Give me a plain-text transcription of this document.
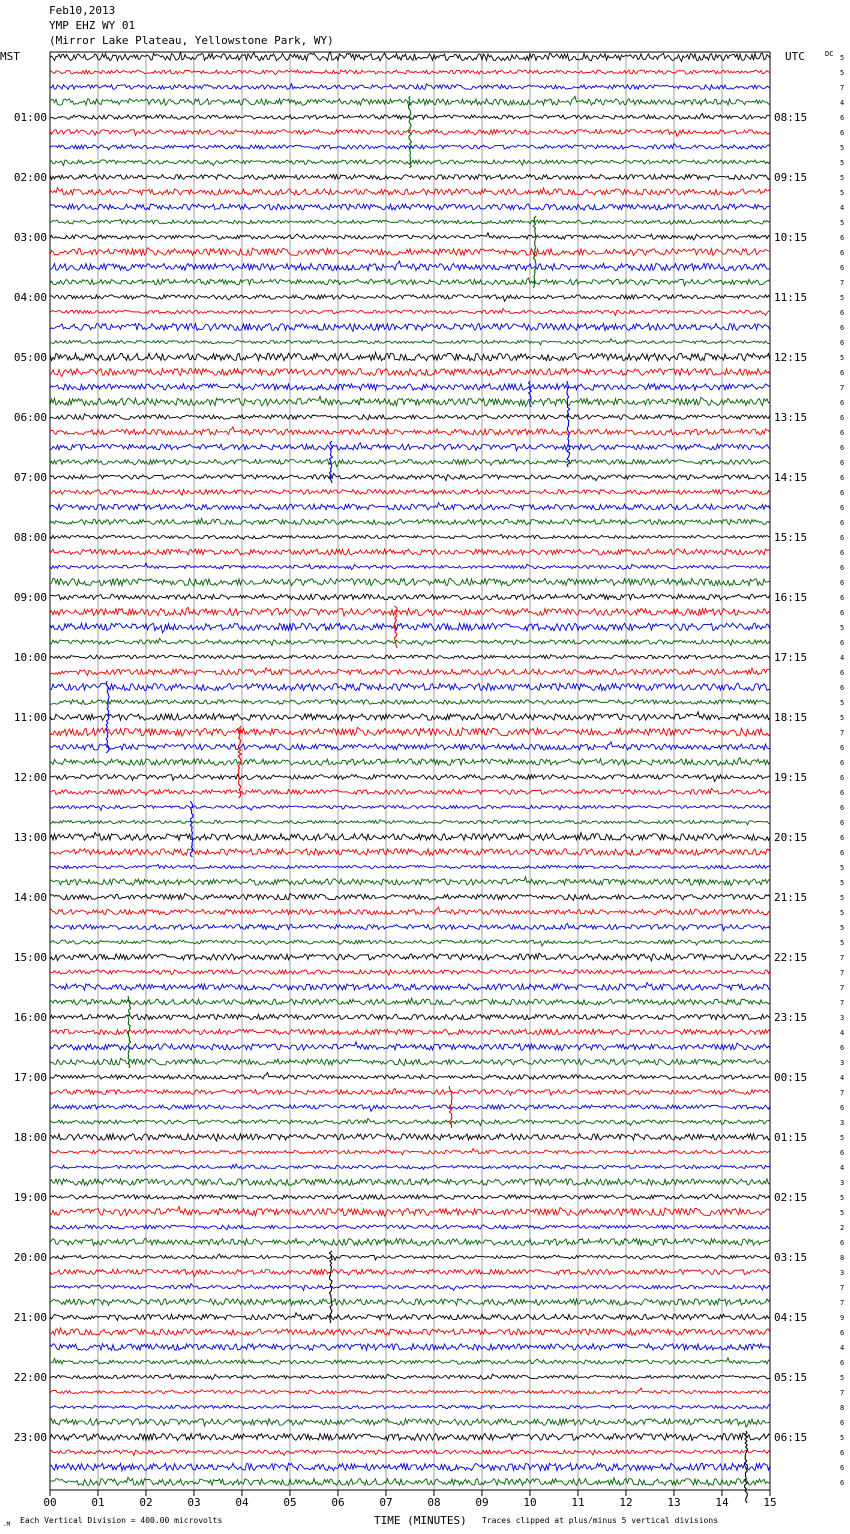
Feb10,2013
YMP EHZ WY 01
(Mirror Lake Plateau, Yellowstone Park, WY)
MST	UTC	DC
TIME (MINUTES)
Each Vertical Division = 400.00 microvolts	Traces clipped at plus/minus 5 vertical divisions
.M
00	01	02	03	04	05	06	07	08	09	10	11	12	13	14	15
5
5
7
4
6
6
5
5
5
5
4
5
6
6
6
7
5
6
6
6
5
6
7
6
6
6
6
6
6
6
6
6
6
6
6
6
6
6
5
6
4
6
6
5
5
7
6
6
6
6
6
6
6
6
5
5
5
5
5
5
7
7
7
7
3
4
6
3
4
7
6
3
5
6
4
3
5
5
2
6
8
3
7
7
9
6
4
6
5
7
8
6
5
6
6
6
01:00	08:15
02:00	09:15
03:00	10:15
04:00	11:15
05:00	12:15
06:00	13:15
07:00	14:15
08:00	15:15
09:00	16:15
10:00	17:15
11:00	18:15
12:00	19:15
13:00	20:15
14:00	21:15
15:00	22:15
16:00	23:15
17:00	00:15
18:00	01:15
19:00	02:15
20:00	03:15
21:00	04:15
22:00	05:15
23:00	06:15
